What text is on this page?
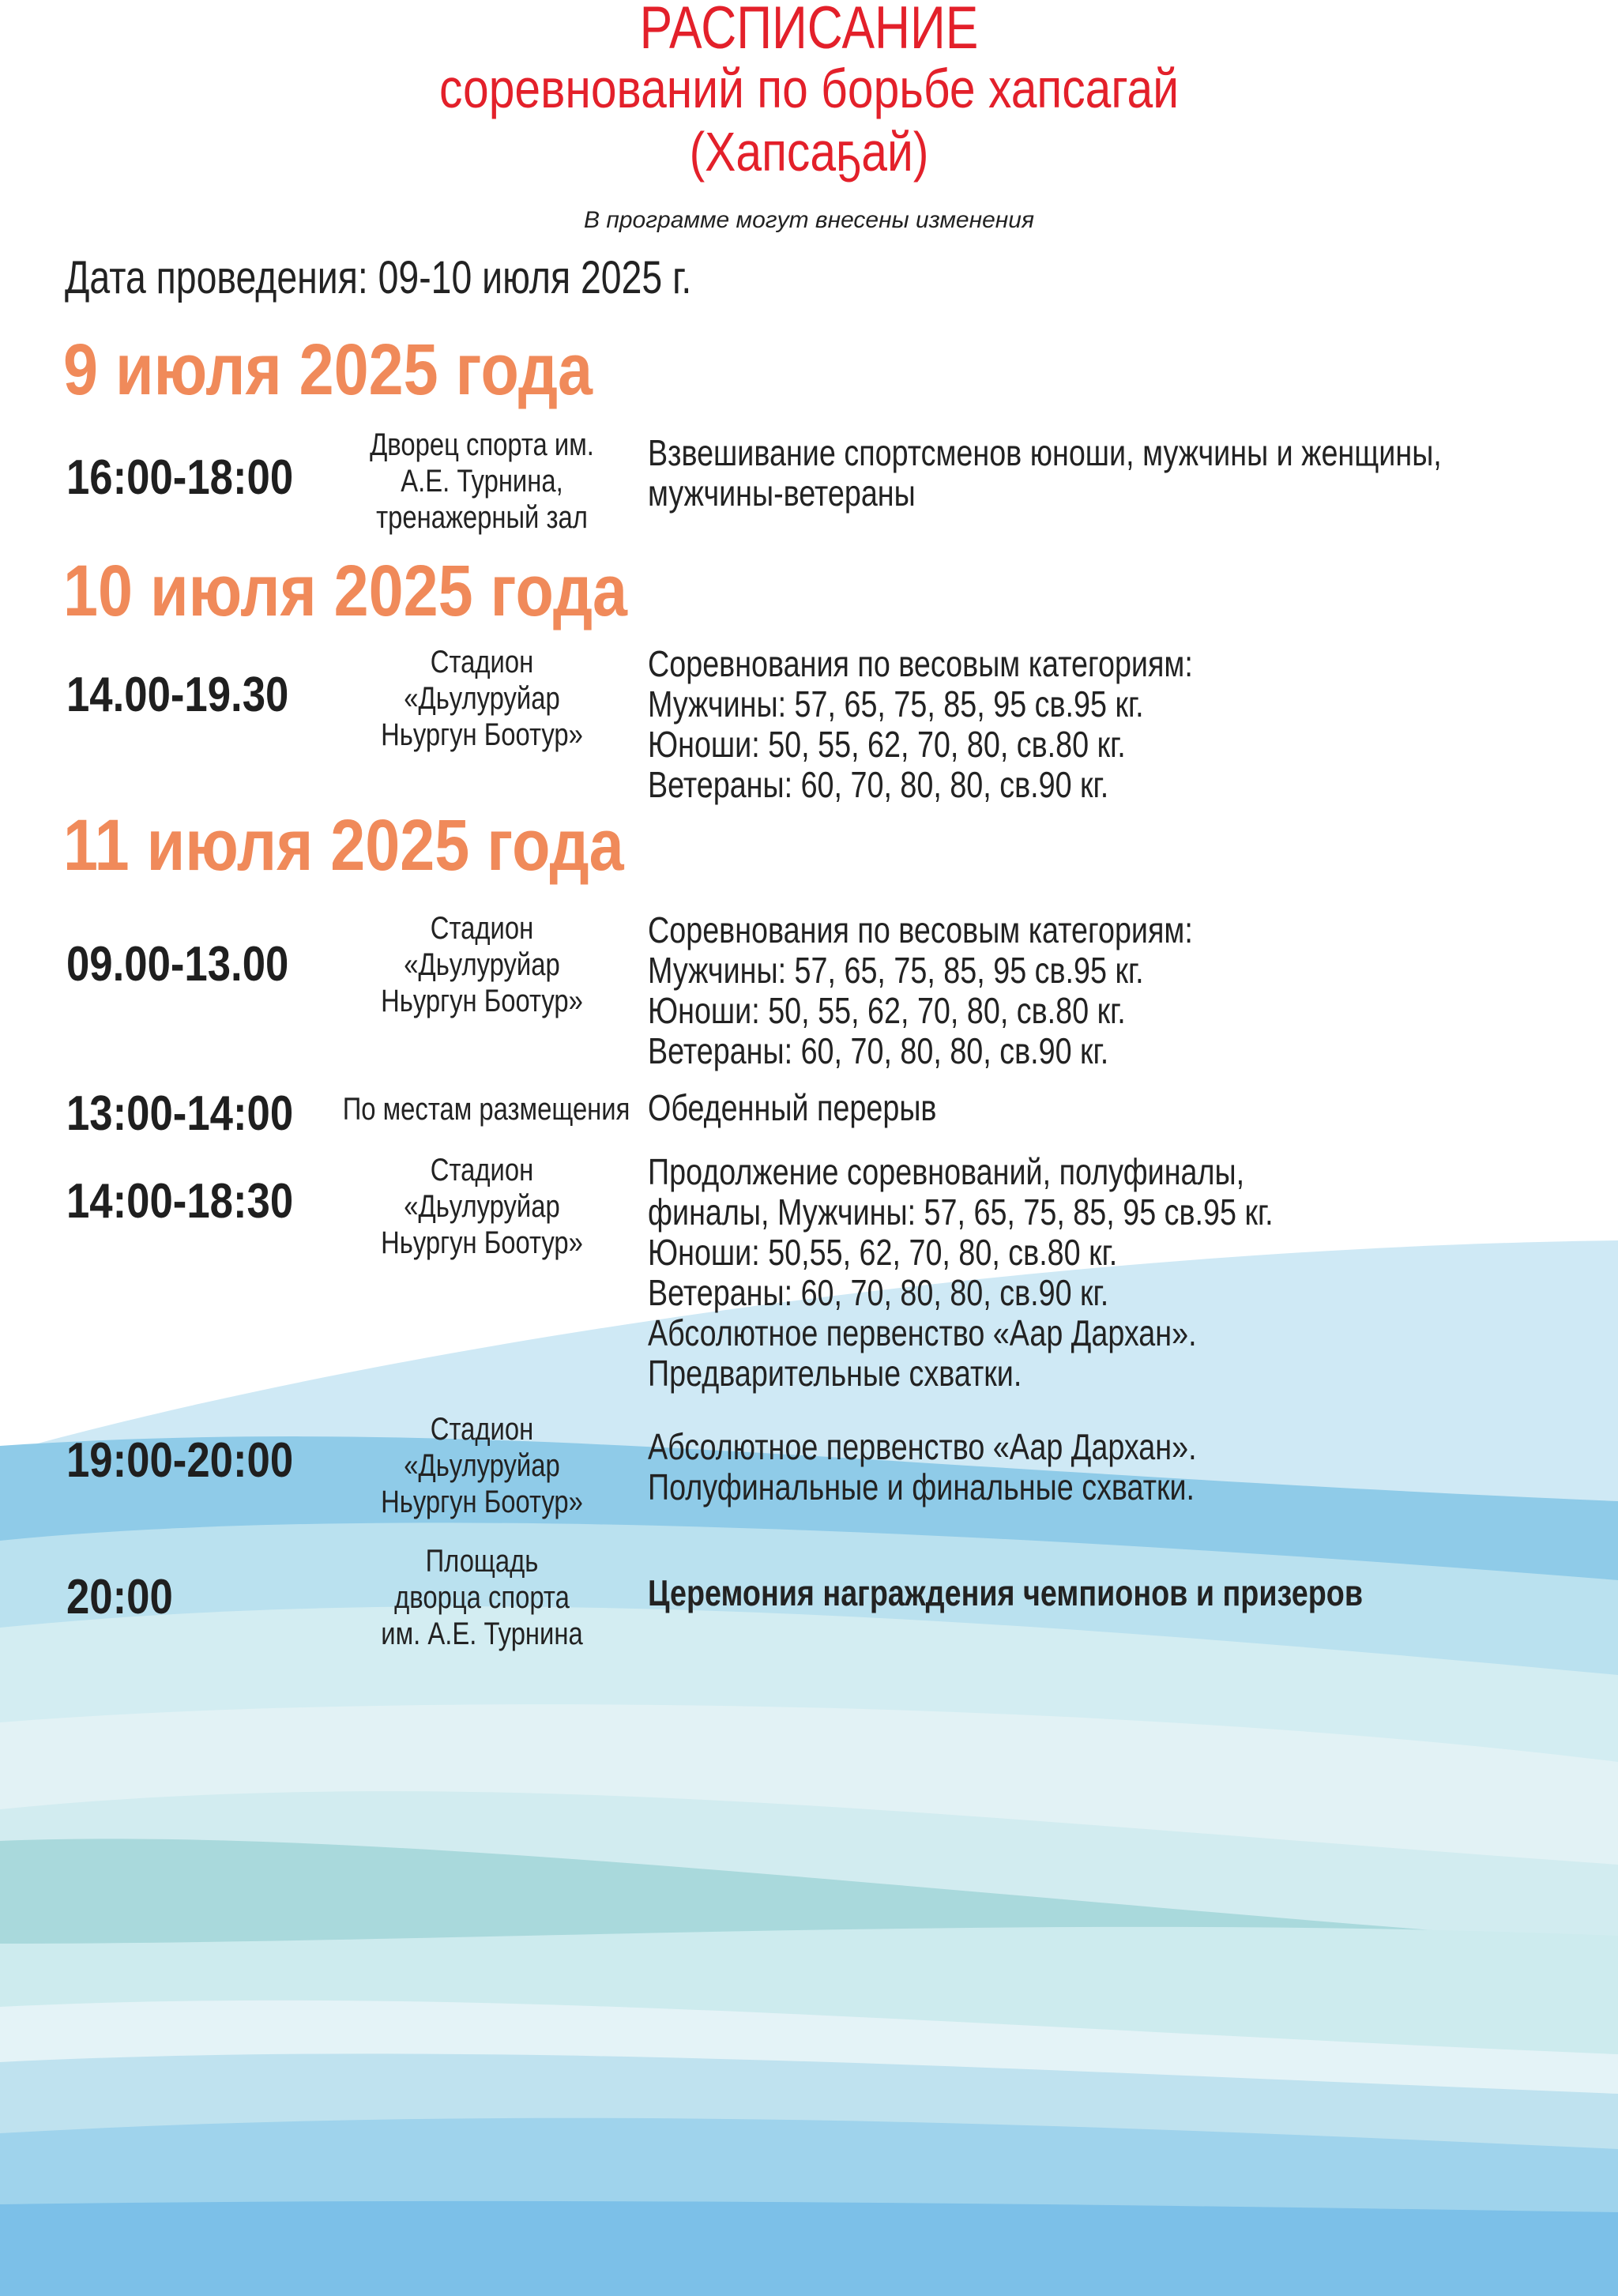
РАСПИСАНИЕ
соревнований по борьбе хапсагай
(Хапсаҕай)
В программе могут внесены изменения
Дата проведения: 09-10 июля 2025 г.
9 июля 2025 года
16:00-18:00
Дворец спорта им.
А.Е. Турнина,
тренажерный зал
Взвешивание спортсменов юноши, мужчины и женщины,
мужчины-ветераны
10 июля 2025 года
14.00-19.30
Стадион
«Дьулуруйар
Ньургун Боотур»
Соревнования по весовым категориям:
Мужчины: 57, 65, 75, 85, 95 св.95 кг.
Юноши: 50, 55, 62, 70, 80, св.80 кг.
Ветераны: 60, 70, 80, 80, св.90 кг.
11 июля 2025 года
09.00-13.00
Стадион
«Дьулуруйар
Ньургун Боотур»
Соревнования по весовым категориям:
Мужчины: 57, 65, 75, 85, 95 св.95 кг.
Юноши: 50, 55, 62, 70, 80, св.80 кг.
Ветераны: 60, 70, 80, 80, св.90 кг.
13:00-14:00 По местам размещения Обеденный перерыв
14:00-18:30
Стадион
«Дьулуруйар
Ньургун Боотур»
Продолжение соревнований, полуфиналы,
финалы, Мужчины: 57, 65, 75, 85, 95 св.95 кг.
Юноши: 50,55, 62, 70, 80, св.80 кг.
Ветераны: 60, 70, 80, 80, св.90 кг.
Абсолютное первенство «Аар Дархан».
Предварительные схватки.
19:00-20:00
Стадион
«Дьулуруйар
Ньургун Боотур»
Абсолютное первенство «Аар Дархан».
Полуфинальные и финальные схватки.
20:00
Площадь
дворца спорта
им. А.Е. Турнина
Церемония награждения чемпионов и призеров
